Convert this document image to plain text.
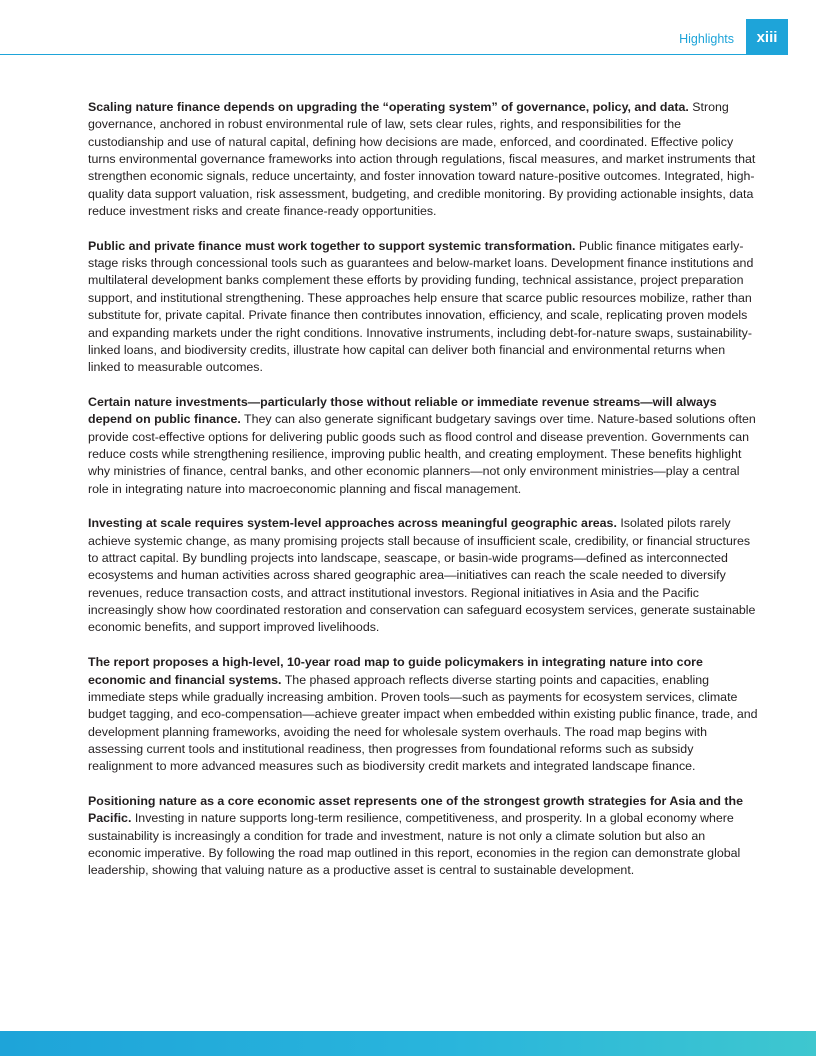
Highlights	xiii

Scaling nature finance depends on upgrading the “operating system” of governance, policy, and data. Strong governance, anchored in robust environmental rule of law, sets clear rules, rights, and responsibilities for the custodianship and use of natural capital, defining how decisions are made, enforced, and coordinated. Effective policy turns environmental governance frameworks into action through regulations, fiscal measures, and market instruments that strengthen economic signals, reduce uncertainty, and foster innovation toward nature-positive outcomes. Integrated, high-quality data support valuation, risk assessment, budgeting, and credible monitoring. By providing actionable insights, data reduce investment risks and create finance-ready opportunities.

Public and private finance must work together to support systemic transformation. Public finance mitigates early-stage risks through concessional tools such as guarantees and below-market loans. Development finance institutions and multilateral development banks complement these efforts by providing funding, technical assistance, project preparation support, and institutional strengthening. These approaches help ensure that scarce public resources mobilize, rather than substitute for, private capital. Private finance then contributes innovation, efficiency, and scale, replicating proven models and expanding markets under the right conditions. Innovative instruments, including debt-for-nature swaps, sustainability-linked loans, and biodiversity credits, illustrate how capital can deliver both financial and environmental returns when linked to measurable outcomes.

Certain nature investments—particularly those without reliable or immediate revenue streams—will always depend on public finance. They can also generate significant budgetary savings over time. Nature-based solutions often provide cost-effective options for delivering public goods such as flood control and disease prevention. Governments can reduce costs while strengthening resilience, improving public health, and creating employment. These benefits highlight why ministries of finance, central banks, and other economic planners—not only environment ministries—play a central role in integrating nature into macroeconomic planning and fiscal management.

Investing at scale requires system-level approaches across meaningful geographic areas. Isolated pilots rarely achieve systemic change, as many promising projects stall because of insufficient scale, credibility, or financial structures to attract capital. By bundling projects into landscape, seascape, or basin-wide programs—defined as interconnected ecosystems and human activities across shared geographic area—initiatives can reach the scale needed to diversify revenues, reduce transaction costs, and attract institutional investors. Regional initiatives in Asia and the Pacific increasingly show how coordinated restoration and conservation can safeguard ecosystem services, generate sustainable economic benefits, and support improved livelihoods.

The report proposes a high-level, 10-year road map to guide policymakers in integrating nature into core economic and financial systems. The phased approach reflects diverse starting points and capacities, enabling immediate steps while gradually increasing ambition. Proven tools—such as payments for ecosystem services, climate budget tagging, and eco-compensation—achieve greater impact when embedded within existing public finance, trade, and development planning frameworks, avoiding the need for wholesale system overhauls. The road map begins with assessing current tools and institutional readiness, then progresses from foundational reforms such as subsidy realignment to more advanced measures such as biodiversity credit markets and integrated landscape finance.

Positioning nature as a core economic asset represents one of the strongest growth strategies for Asia and the Pacific. Investing in nature supports long-term resilience, competitiveness, and prosperity. In a global economy where sustainability is increasingly a condition for trade and investment, nature is not only a climate solution but also an economic imperative. By following the road map outlined in this report, economies in the region can demonstrate global leadership, showing that valuing nature as a productive asset is central to sustainable development.
